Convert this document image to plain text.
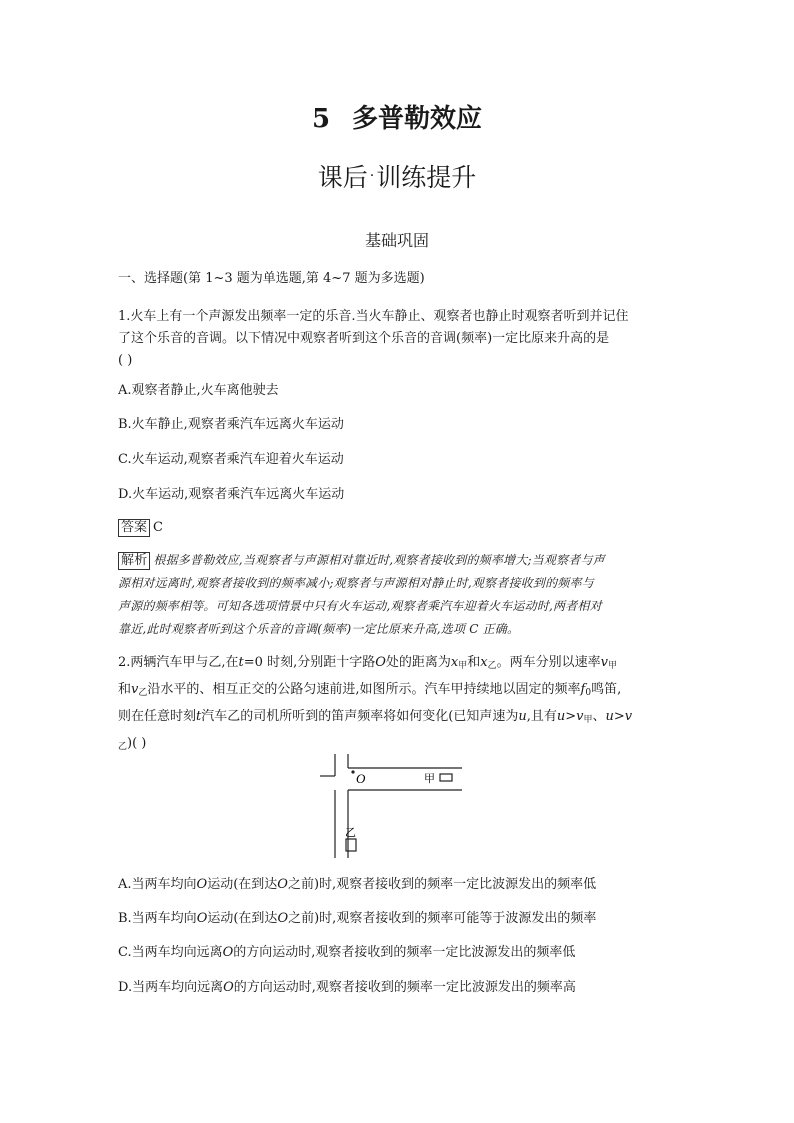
5 多普勒效应
课后 ·训练提升
基础巩固
一、选择题(第 1~3 题为单选题,第 4~7 题为多选题)
1.火车上有一个声源发出频率一定的乐音.当火车静止、观察者也静止时观察者听到并记住
了这个乐音的音调。以下情况中观察者听到这个乐音的音调(频率)一定比原来升高的是
( )
A.观察者静止,火车离他驶去
B.火车静止,观察者乘汽车远离火车运动
C.火车运动,观察者乘汽车迎着火车运动
D.火车运动,观察者乘汽车远离火车运动
答案 C
解析 根据多普勒效应,当观察者与声源相对靠近时,观察者接收到的频率增大;当观察者与声
源相对远离时,观察者接收到的频率减小;观察者与声源相对静止时,观察者接收到的频率与
声源的频率相等。可知各选项情景中只有火车运动,观察者乘汽车迎着火车运动时,两者相对
靠近,此时观察者听到这个乐音的音调(频率)一定比原来升高,选项 C 正确。
2.两辆汽车甲与乙,在t=0 时刻,分别距十字路O处的距离为$x_甲$和$x_乙$。两车分别以速率$v_甲$
和$v_乙$沿水平的、相互正交的公路匀速前进,如图所示。汽车甲持续地以固定的频率$f_0$鸣笛,
则在任意时刻t汽车乙的司机所听到的笛声频率将如何变化(已知声速为u,且有$u>v_甲$、u>v
$_乙$)( )
O	甲
乙
A.当两车均向O运动(在到达O之前)时,观察者接收到的频率一定比波源发出的频率低
B.当两车均向O运动(在到达O之前)时,观察者接收到的频率可能等于波源发出的频率
C.当两车均向远离O的方向运动时,观察者接收到的频率一定比波源发出的频率低
D.当两车均向远离O的方向运动时,观察者接收到的频率一定比波源发出的频率高
